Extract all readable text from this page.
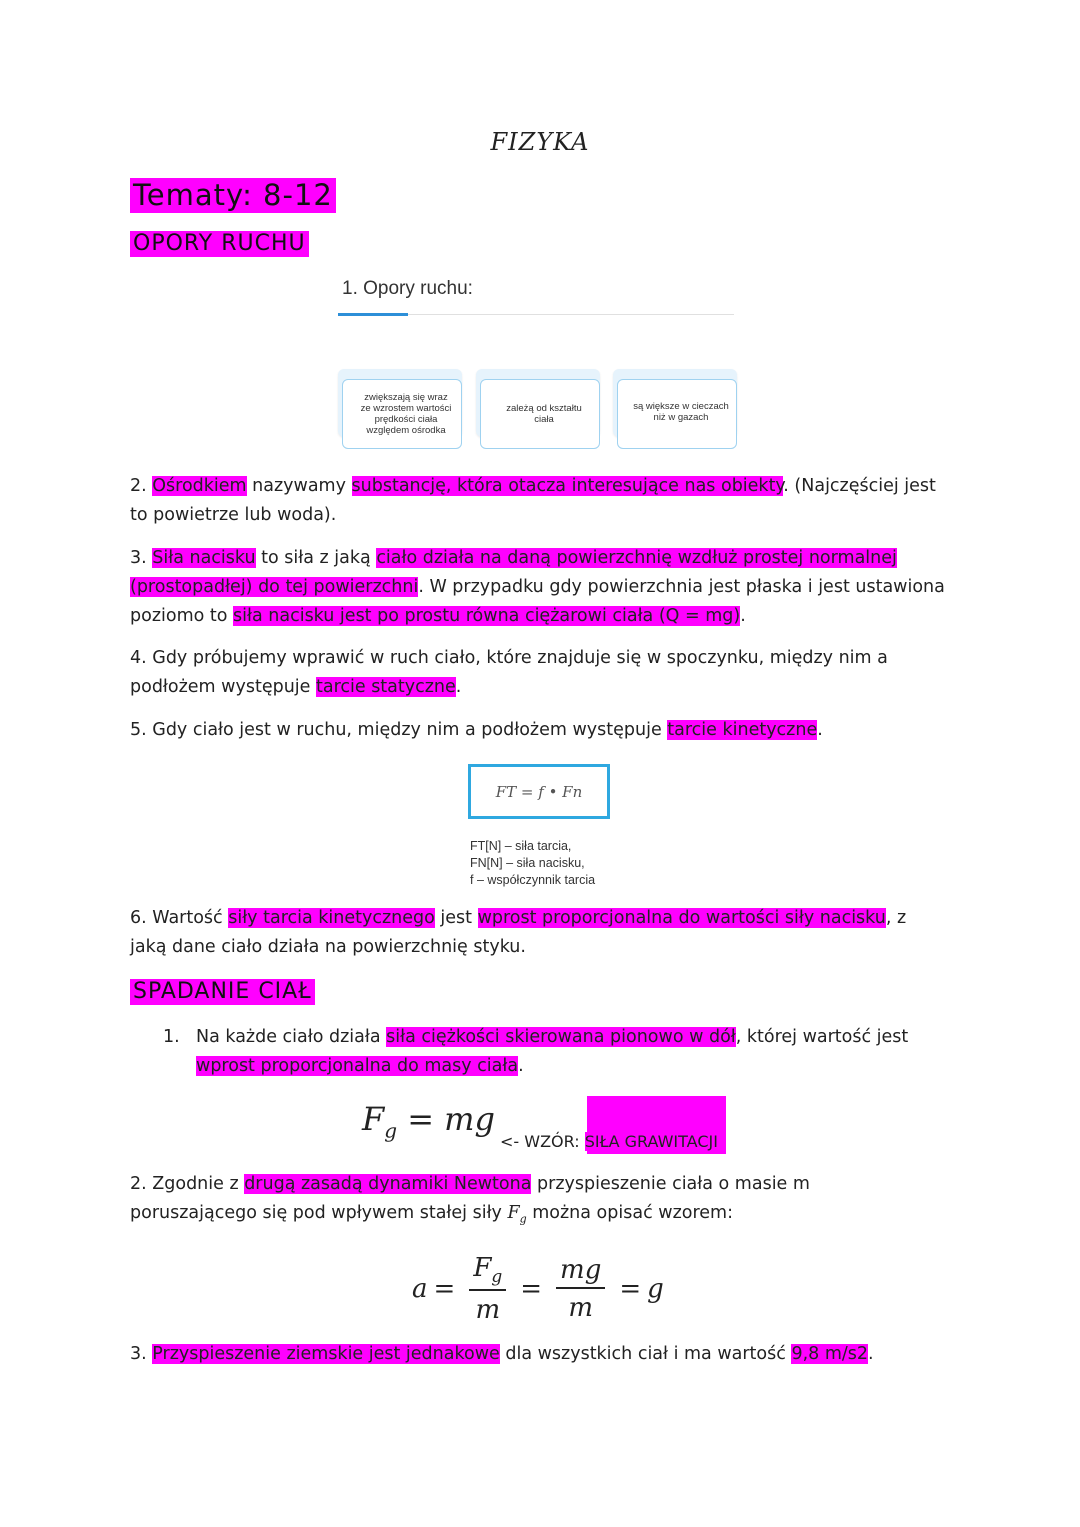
FIZYKA
Tematy: 8-12
OPORY RUCHU
1. Opory ruchu:
zwiększają się wraz ze wzrostem wartości prędkości ciała względem ośrodka
zależą od kształtu ciała
są większe w cieczach niż w gazach

2. Ośrodkiem nazywamy substancję, która otacza interesujące nas obiekty. (Najczęściej jest to powietrze lub woda).

3. Siła nacisku to siła z jaką ciało działa na daną powierzchnię wzdłuż prostej normalnej (prostopadłej) do tej powierzchni. W przypadku gdy powierzchnia jest płaska i jest ustawiona poziomo to siła nacisku jest po prostu równa ciężarowi ciała (Q = mg).

4. Gdy próbujemy wprawić w ruch ciało, które znajduje się w spoczynku, między nim a podłożem występuje tarcie statyczne.

5. Gdy ciało jest w ruchu, między nim a podłożem występuje tarcie kinetyczne.

FT = f • Fn
FT[N] – siła tarcia,
FN[N] – siła nacisku,
f – współczynnik tarcia

6. Wartość siły tarcia kinetycznego jest wprost proporcjonalna do wartości siły nacisku, z jaką dane ciało działa na powierzchnię styku.

SPADANIE CIAŁ
1. Na każde ciało działa siła ciężkości skierowana pionowo w dół, której wartość jest wprost proporcjonalna do masy ciała.
$F_g$ = mg
<- WZÓR: SIŁA GRAWITACJI

2. Zgodnie z drugą zasadą dynamiki Newtona przyspieszenie ciała o masie m poruszającego się pod wpływem stałej siły $F_g$ można opisać wzorem:

$a = \frac{F_g}{m} = \frac{mg}{m} = g$

3. Przyspieszenie ziemskie jest jednakowe dla wszystkich ciał i ma wartość 9,8 m/s2.
